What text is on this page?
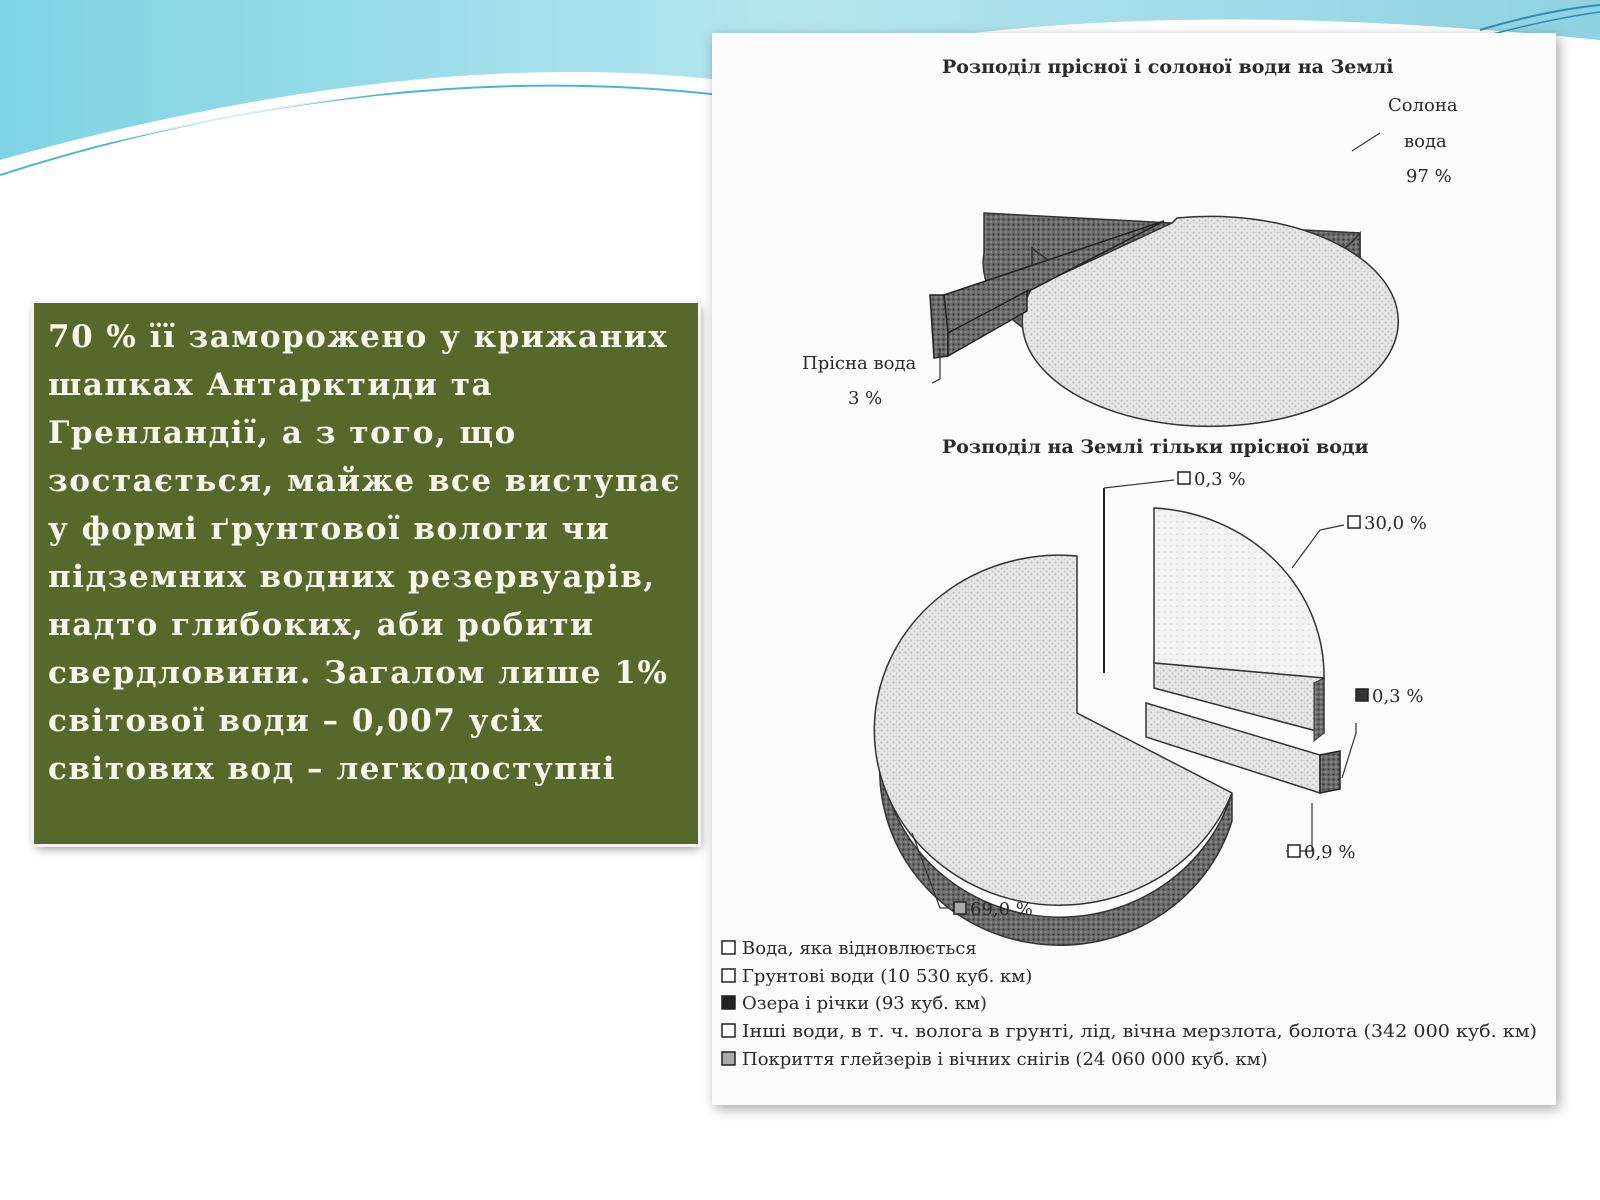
70 % її заморожено у крижаних шапках Антарктиди та Гренландії, а з того, що зостається, майже все виступає у формі ґрунтової вологи чи підземних водних резервуарів, надто глибоких, аби робити свердловини. Загалом лише 1% світової води – 0,007 усіх світових вод – легкодоступні

Розподіл прісної і солоної води на Землі
Солона
вода
97 %
Прісна вода
3 %
Розподіл на Землі тільки прісної води
0,3 %
30,0 %
0,3 %
0,9 %
69,0 %
Вода, яка відновлюється
Грунтові води (10 530 куб. км)
Озера і річки (93 куб. км)
Інші води, в т. ч. волога в грунті, лід, вічна мерзлота, болота (342 000 куб. км)
Покриття глейзерів і вічних снігів (24 060 000 куб. км)
